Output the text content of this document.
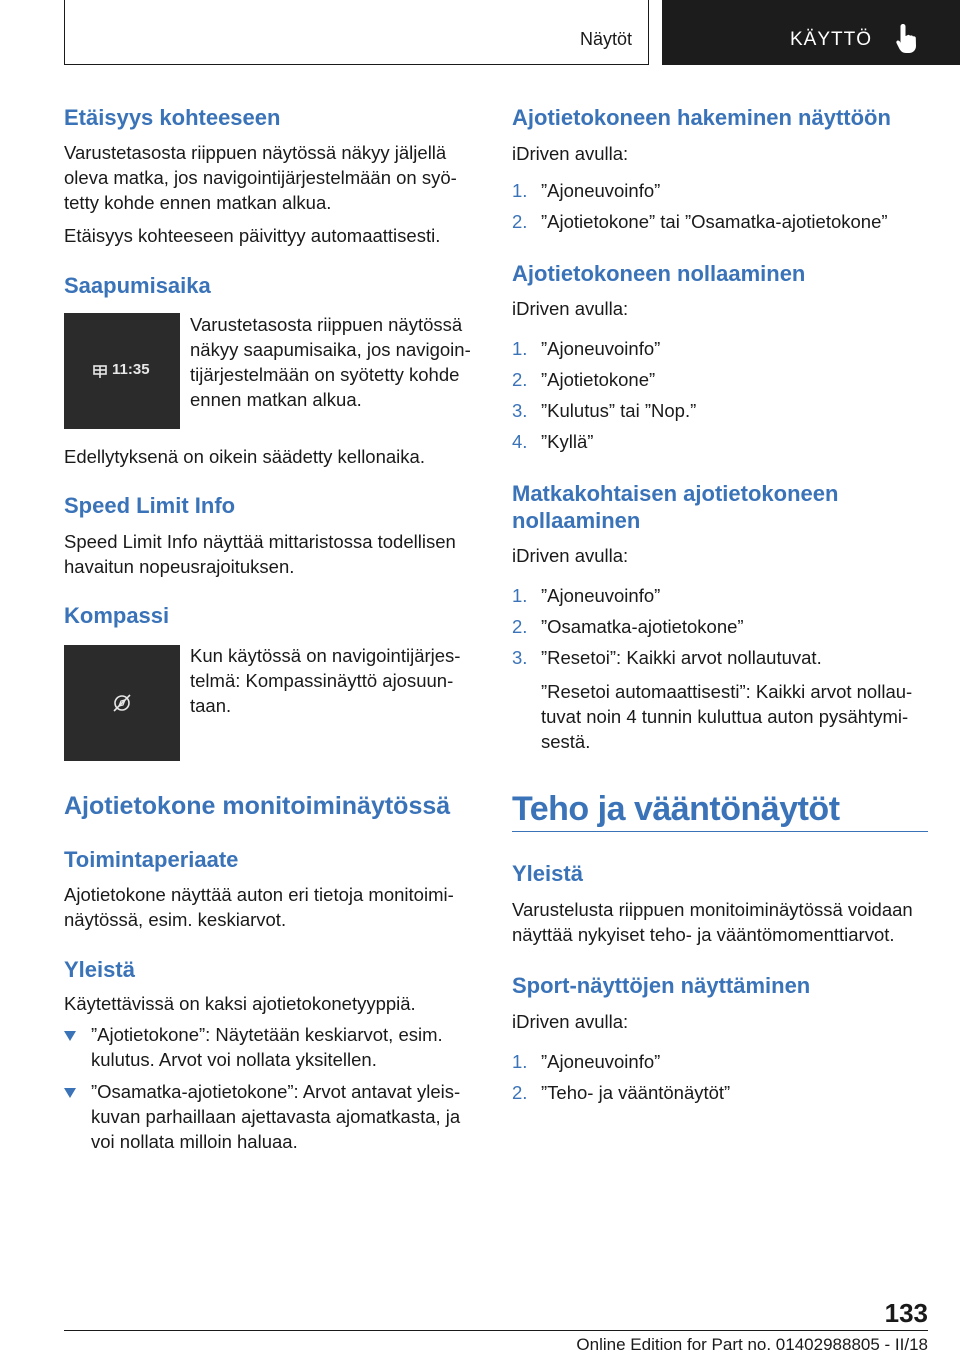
Näytöt	KÄYTTÖ
Etäisyys kohteeseen
Varustetasosta riippuen näytössä näkyy jäljellä
oleva matka, jos navigointijärjestelmään on syö-
tetty kohde ennen matkan alkua.
Etäisyys kohteeseen päivittyy automaattisesti.
Saapumisaika
11:35
Varustetasosta riippuen näytössä
näkyy saapumisaika, jos navigoin-
tijärjestelmään on syötetty kohde
ennen matkan alkua.
Edellytyksenä on oikein säädetty kellonaika.
Speed Limit Info
Speed Limit Info näyttää mittaristossa todellisen
havaitun nopeusrajoituksen.
Kompassi
Kun käytössä on navigointijärjes-
telmä: Kompassinäyttö ajosuun-
taan.
Ajotietokone monitoiminäytössä
Toimintaperiaate
Ajotietokone näyttää auton eri tietoja monitoimi-
näytössä, esim. keskiarvot.
Yleistä
Käytettävissä on kaksi ajotietokonetyyppiä.
”Ajotietokone”: Näytetään keskiarvot, esim.
kulutus. Arvot voi nollata yksitellen.
”Osamatka-ajotietokone”: Arvot antavat yleis-
kuvan parhaillaan ajettavasta ajomatkasta, ja
voi nollata milloin haluaa.
Ajotietokoneen hakeminen näyttöön
iDriven avulla:
1. ”Ajoneuvoinfo”
2. ”Ajotietokone” tai ”Osamatka-ajotietokone”
Ajotietokoneen nollaaminen
iDriven avulla:
1. ”Ajoneuvoinfo”
2. ”Ajotietokone”
3. ”Kulutus” tai ”Nop.”
4. ”Kyllä”
Matkakohtaisen ajotietokoneen
nollaaminen
iDriven avulla:
1. ”Ajoneuvoinfo”
2. ”Osamatka-ajotietokone”
3. ”Resetoi”: Kaikki arvot nollautuvat.
”Resetoi automaattisesti”: Kaikki arvot nollau-
tuvat noin 4 tunnin kuluttua auton pysähtymi-
sestä.
Teho ja vääntönäytöt
Yleistä
Varustelusta riippuen monitoiminäytössä voidaan
näyttää nykyiset teho- ja vääntömomenttiarvot.
Sport-näyttöjen näyttäminen
iDriven avulla:
1. ”Ajoneuvoinfo”
2. ”Teho- ja vääntönäytöt”
133
Online Edition for Part no. 01402988805 - II/18
